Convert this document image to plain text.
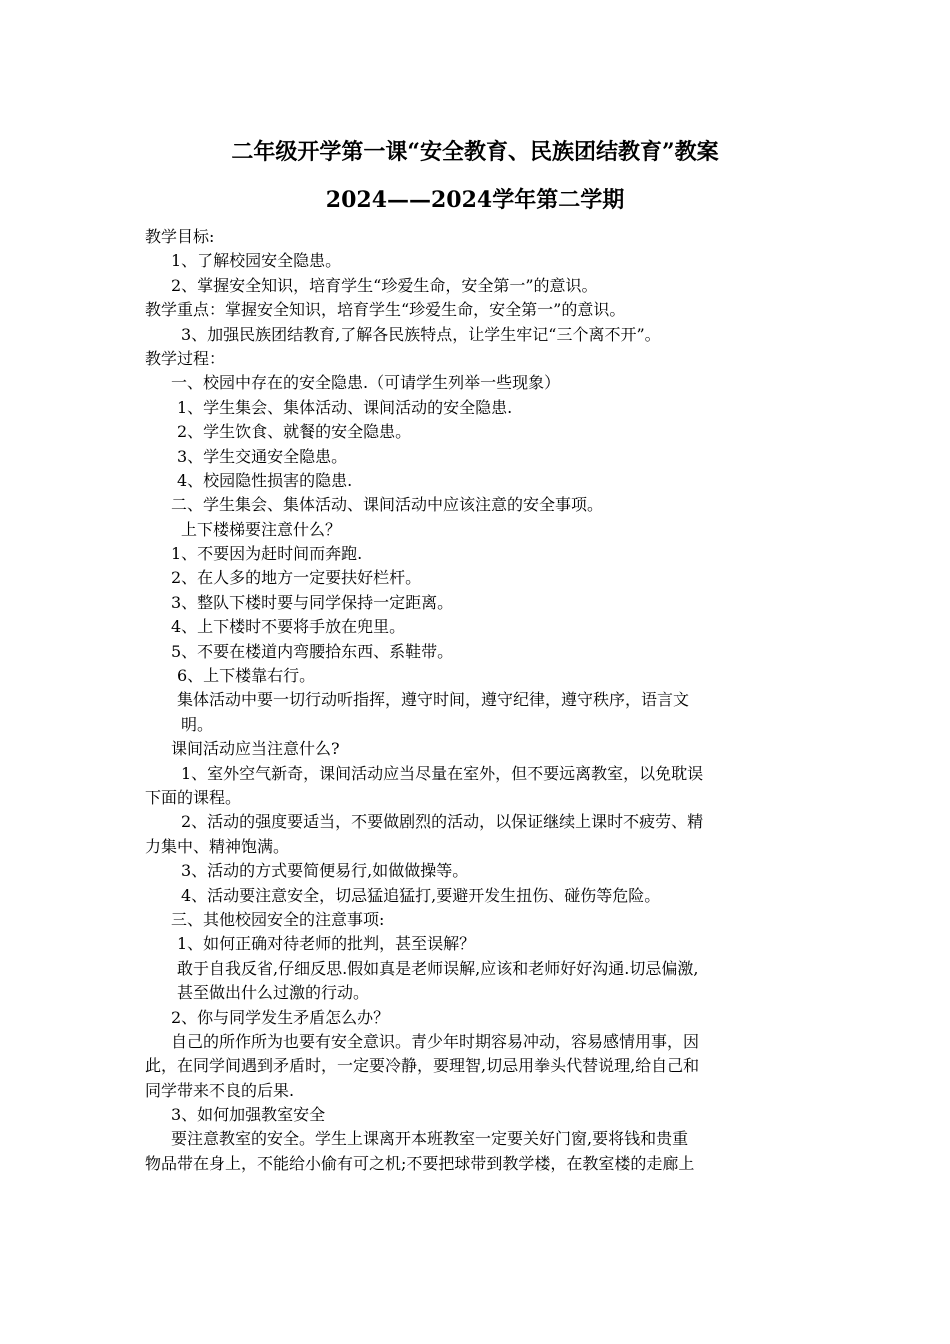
二年级开学第一课“安全教育、民族团结教育”教案
2024——2024学年第二学期
教学目标:
1、了解校园安全隐患。
2、掌握安全知识，培育学生“珍爱生命，安全第一”的意识。
教学重点：掌握安全知识，培育学生“珍爱生命，安全第一”的意识。
3、加强民族团结教育,了解各民族特点，让学生牢记“三个离不开”。
教学过程：
一、校园中存在的安全隐患.（可请学生列举一些现象）
1、学生集会、集体活动、课间活动的安全隐患.
2、学生饮食、就餐的安全隐患。
3、学生交通安全隐患。
4、校园隐性损害的隐患.
二、学生集会、集体活动、课间活动中应该注意的安全事项。
上下楼梯要注意什么？
1、不要因为赶时间而奔跑.
2、在人多的地方一定要扶好栏杆。
3、整队下楼时要与同学保持一定距离。
4、上下楼时不要将手放在兜里。
5、不要在楼道内弯腰拾东西、系鞋带。
6、上下楼靠右行。
集体活动中要一切行动听指挥，遵守时间，遵守纪律，遵守秩序，语言文
明。
课间活动应当注意什么?
1、室外空气新奇，课间活动应当尽量在室外，但不要远离教室，以免耽误
下面的课程。
2、活动的强度要适当，不要做剧烈的活动，以保证继续上课时不疲劳、精
力集中、精神饱满。
3、活动的方式要简便易行,如做做操等。
4、活动要注意安全，切忌猛追猛打,要避开发生扭伤、碰伤等危险。
三、其他校园安全的注意事项:
1、如何正确对待老师的批判，甚至误解？
敢于自我反省,仔细反思.假如真是老师误解,应该和老师好好沟通.切忌偏激,
甚至做出什么过激的行动。
2、你与同学发生矛盾怎么办？
自己的所作所为也要有安全意识。青少年时期容易冲动，容易感情用事，因
此，在同学间遇到矛盾时，一定要冷静，要理智,切忌用拳头代替说理,给自己和
同学带来不良的后果.
3、如何加强教室安全
要注意教室的安全。学生上课离开本班教室一定要关好门窗,要将钱和贵重
物品带在身上，不能给小偷有可之机;不要把球带到教学楼，在教室楼的走廊上
